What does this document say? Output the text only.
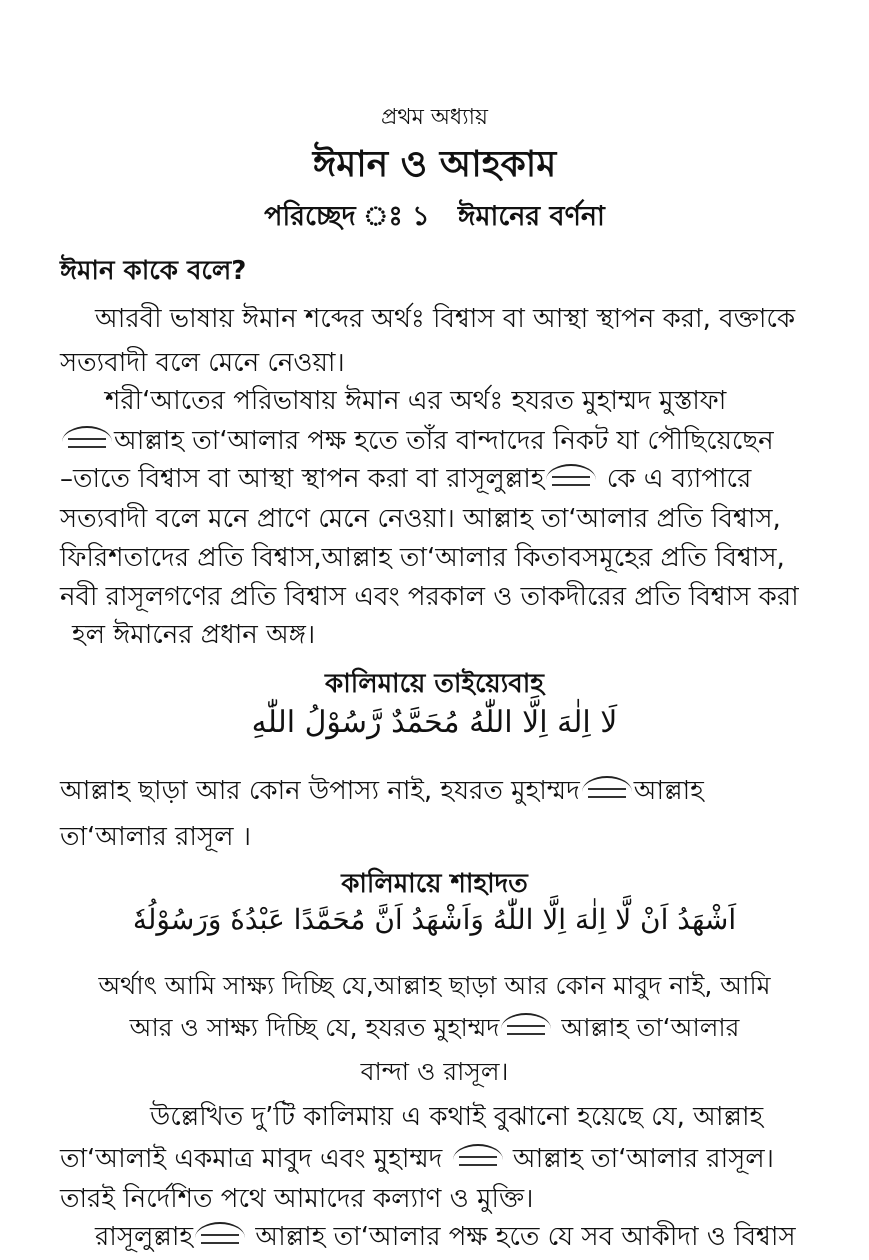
প্রথম অধ্যায়
ঈমান ও আহকাম
পরিচ্ছেদ ঃ ১   ঈমানের বর্ণনা
ঈমান কাকে বলে?
আরবী ভাষায় ঈমান শব্দের অর্থঃ বিশ্বাস বা আস্থা স্থাপন করা, বক্তাকে
সত্যবাদী বলে মেনে নেওয়া।
শরী‘আতের পরিভাষায় ঈমান এর অর্থঃ হযরত মুহাম্মদ মুস্তাফা
আল্লাহ তা‘আলার পক্ষ হতে তাঁর বান্দাদের নিকট যা পৌছিয়েছেন
–তাতে বিশ্বাস বা আস্থা স্থাপন করা বা রাসূলুল্লাহ কে এ ব্যাপারে
সত্যবাদী বলে মনে প্রাণে মেনে নেওয়া। আল্লাহ তা‘আলার প্রতি বিশ্বাস,
ফিরিশতাদের প্রতি বিশ্বাস,আল্লাহ তা‘আলার কিতাবসমূহের প্রতি বিশ্বাস,
নবী রাসূলগণের প্রতি বিশ্বাস এবং পরকাল ও তাকদীরের প্রতি বিশ্বাস করা
হল ঈমানের প্রধান অঙ্গ।
কালিমায়ে তাইয়্যেবাহ
لَا اِلٰهَ اِلَّا اللّٰهُ مُحَمَّدٌ رَّسُوْلُ اللّٰهِ
আল্লাহ ছাড়া আর কোন উপাস্য নাই, হযরত মুহাম্মদ আল্লাহ
তা‘আলার রাসূল ।
কালিমায়ে শাহাদত
اَشْهَدُ اَنْ لَّا اِلٰهَ اِلَّا اللّٰهُ وَاَشْهَدُ اَنَّ مُحَمَّدًا عَبْدُهٗ وَرَسُوْلُهٗ
অর্থাৎ আমি সাক্ষ্য দিচ্ছি যে,আল্লাহ ছাড়া আর কোন মাবুদ নাই, আমি
আর ও সাক্ষ্য দিচ্ছি যে, হযরত মুহাম্মদ আল্লাহ তা‘আলার
বান্দা ও রাসূল।
উল্লেখিত দু’টি কালিমায় এ কথাই বুঝানো হয়েছে যে, আল্লাহ
তা‘আলাই একমাত্র মাবুদ এবং মুহাম্মদ	আল্লাহ তা‘আলার রাসূল।
তারই নির্দেশিত পথে আমাদের কল্যাণ ও মুক্তি।
রাসূলুল্লাহ আল্লাহ তা‘আলার পক্ষ হতে যে সব আকীদা ও বিশ্বাস
